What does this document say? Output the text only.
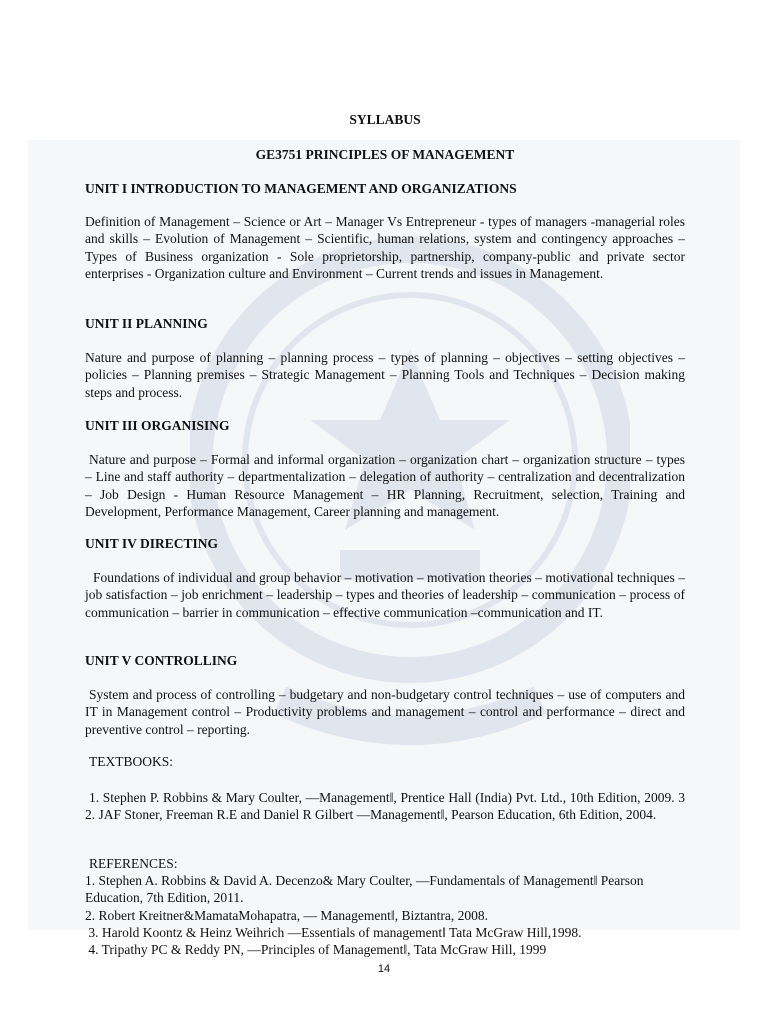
SYLLABUS

GE3751 PRINCIPLES OF MANAGEMENT

UNIT I INTRODUCTION TO MANAGEMENT AND ORGANIZATIONS

Definition of Management – Science or Art – Manager Vs Entrepreneur - types of managers -managerial roles and skills – Evolution of Management – Scientific, human relations, system and contingency approaches – Types of Business organization - Sole proprietorship, partnership, company-public and private sector enterprises - Organization culture and Environment – Current trends and issues in Management.

UNIT II PLANNING

Nature and purpose of planning – planning process – types of planning – objectives – setting objectives – policies – Planning premises – Strategic Management – Planning Tools and Techniques – Decision making steps and process.

UNIT III ORGANISING

Nature and purpose – Formal and informal organization – organization chart – organization structure – types – Line and staff authority – departmentalization – delegation of authority – centralization and decentralization – Job Design - Human Resource Management – HR Planning, Recruitment, selection, Training and Development, Performance Management, Career planning and management.

UNIT IV DIRECTING

Foundations of individual and group behavior – motivation – motivation theories – motivational techniques – job satisfaction – job enrichment – leadership – types and theories of leadership – communication – process of communication – barrier in communication – effective communication –communication and IT.

UNIT V CONTROLLING

System and process of controlling – budgetary and non-budgetary control techniques – use of computers and IT in Management control – Productivity problems and management – control and performance – direct and preventive control – reporting.

TEXTBOOKS:

1. Stephen P. Robbins & Mary Coulter, ―Management‖, Prentice Hall (India) Pvt. Ltd., 10th Edition, 2009. 3 2. JAF Stoner, Freeman R.E and Daniel R Gilbert ―Management‖, Pearson Education, 6th Edition, 2004.

REFERENCES:

1. Stephen A. Robbins & David A. Decenzo& Mary Coulter, ―Fundamentals of Management‖ Pearson
Education, 7th Edition, 2011.
2. Robert Kreitner&MamataMohapatra, ― Management‖, Biztantra, 2008.
3. Harold Koontz & Heinz Weihrich ―Essentials of management‖ Tata McGraw Hill,1998.
4. Tripathy PC & Reddy PN, ―Principles of Management‖, Tata McGraw Hill, 1999

14
